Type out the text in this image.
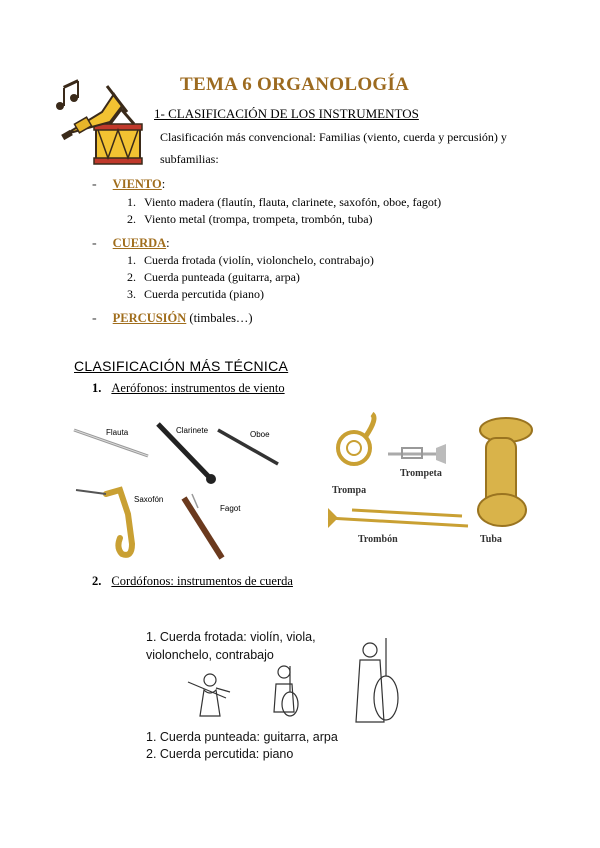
TEMA 6 ORGANOLOGÍA
1- CLASIFICACIÓN DE LOS INSTRUMENTOS
Clasificación más convencional: Familias (viento, cuerda y percusión) y subfamilias:
- VIENTO:
1. Viento madera (flautín, flauta, clarinete, saxofón, oboe, fagot)
2. Viento metal (trompa, trompeta, trombón, tuba)
- CUERDA:
1. Cuerda frotada (violín, violonchelo, contrabajo)
2. Cuerda punteada (guitarra, arpa)
3. Cuerda percutida (piano)
- PERCUSIÓN (timbales…)
CLASIFICACIÓN MÁS TÉCNICA
1. Aerófonos: instrumentos de viento
Flauta	Clarinete	Oboe
Saxofón
Fagot
Trompa
Trompeta
Trombón	Tuba
2. Cordófonos: instrumentos de cuerda
1. Cuerda frotada: violín, viola,
violonchelo, contrabajo
1. Cuerda punteada: guitarra, arpa
2. Cuerda percutida: piano
